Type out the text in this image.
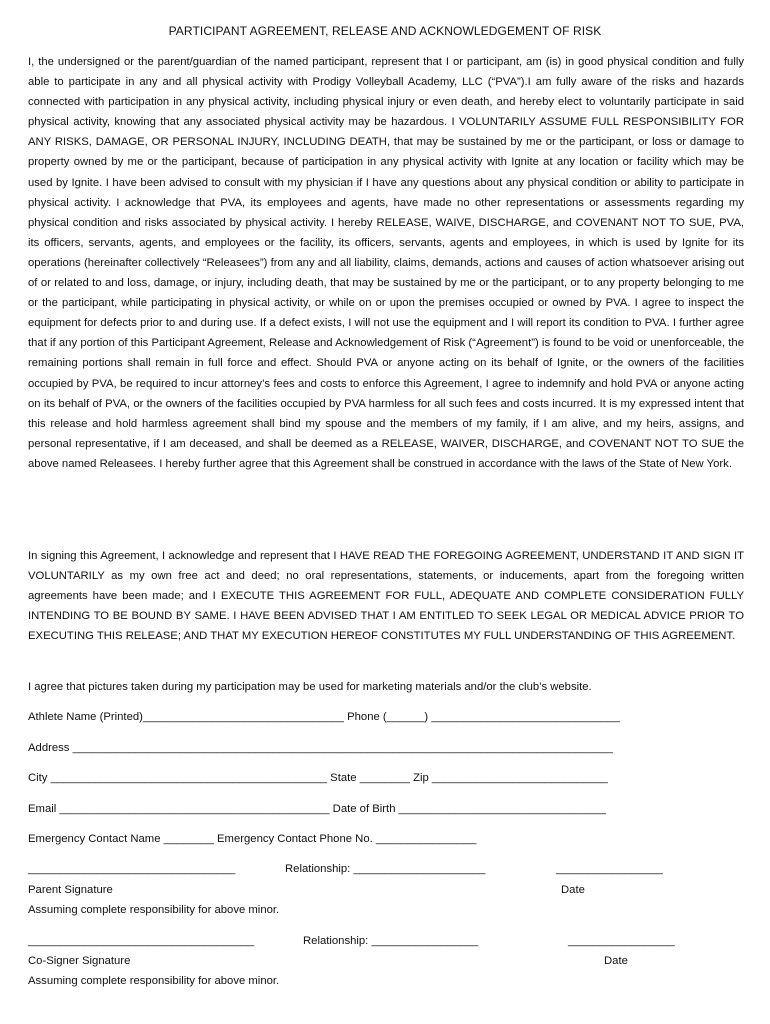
PARTICIPANT AGREEMENT, RELEASE AND ACKNOWLEDGEMENT OF RISK
I, the undersigned or the parent/guardian of the named participant, represent that I or participant, am (is) in good physical condition and fully able to participate in any and all physical activity with Prodigy Volleyball Academy, LLC (“PVA”).I am fully aware of the risks and hazards connected with participation in any physical activity, including physical injury or even death, and hereby elect to voluntarily participate in said physical activity, knowing that any associated physical activity may be hazardous. I VOLUNTARILY ASSUME FULL RESPONSIBILITY FOR ANY RISKS, DAMAGE, OR PERSONAL INJURY, INCLUDING DEATH, that may be sustained by me or the participant, or loss or damage to property owned by me or the participant, because of participation in any physical activity with Ignite at any location or facility which may be used by Ignite. I have been advised to consult with my physician if I have any questions about any physical condition or ability to participate in physical activity. I acknowledge that PVA, its employees and agents, have made no other representations or assessments regarding my physical condition and risks associated by physical activity. I hereby RELEASE, WAIVE, DISCHARGE, and COVENANT NOT TO SUE, PVA, its officers, servants, agents, and employees or the facility, its officers, servants, agents and employees, in which is used by Ignite for its operations (hereinafter collectively “Releasees”) from any and all liability, claims, demands, actions and causes of action whatsoever arising out of or related to and loss, damage, or injury, including death, that may be sustained by me or the participant, or to any property belonging to me or the participant, while participating in physical activity, or while on or upon the premises occupied or owned by PVA. I agree to inspect the equipment for defects prior to and during use. If a defect exists, I will not use the equipment and I will report its condition to PVA. I further agree that if any portion of this Participant Agreement, Release and Acknowledgement of Risk (“Agreement”) is found to be void or unenforceable, the remaining portions shall remain in full force and effect. Should PVA or anyone acting on its behalf of Ignite, or the owners of the facilities occupied by PVA, be required to incur attorney’s fees and costs to enforce this Agreement, I agree to indemnify and hold PVA or anyone acting on its behalf of PVA, or the owners of the facilities occupied by PVA harmless for all such fees and costs incurred. It is my expressed intent that this release and hold harmless agreement shall bind my spouse and the members of my family, if I am alive, and my heirs, assigns, and personal representative, if I am deceased, and shall be deemed as a RELEASE, WAIVER, DISCHARGE, and COVENANT NOT TO SUE the above named Releasees. I hereby further agree that this Agreement shall be construed in accordance with the laws of the State of New York.
In signing this Agreement, I acknowledge and represent that I HAVE READ THE FOREGOING AGREEMENT, UNDERSTAND IT AND SIGN IT VOLUNTARILY as my own free act and deed; no oral representations, statements, or inducements, apart from the foregoing written agreements have been made; and I EXECUTE THIS AGREEMENT FOR FULL, ADEQUATE AND COMPLETE CONSIDERATION FULLY INTENDING TO BE BOUND BY SAME. I HAVE BEEN ADVISED THAT I AM ENTITLED TO SEEK LEGAL OR MEDICAL ADVICE PRIOR TO EXECUTING THIS RELEASE; AND THAT MY EXECUTION HEREOF CONSTITUTES MY FULL UNDERSTANDING OF THIS AGREEMENT.
I agree that pictures taken during my participation may be used for marketing materials and/or the club’s website.
Athlete Name (Printed)________________________________ Phone (______) ______________________________
Address ______________________________________________________________________________________
City ____________________________________________ State ________ Zip ____________________________
Email ___________________________________________ Date of Birth _________________________________
Emergency Contact Name ________ Emergency Contact Phone No. ________________
_________________________________	Relationship: _____________________	_________________
Parent Signature	Date
Assuming complete responsibility for above minor.
____________________________________	Relationship: _________________	_________________
Co-Signer Signature	Date
Assuming complete responsibility for above minor.
